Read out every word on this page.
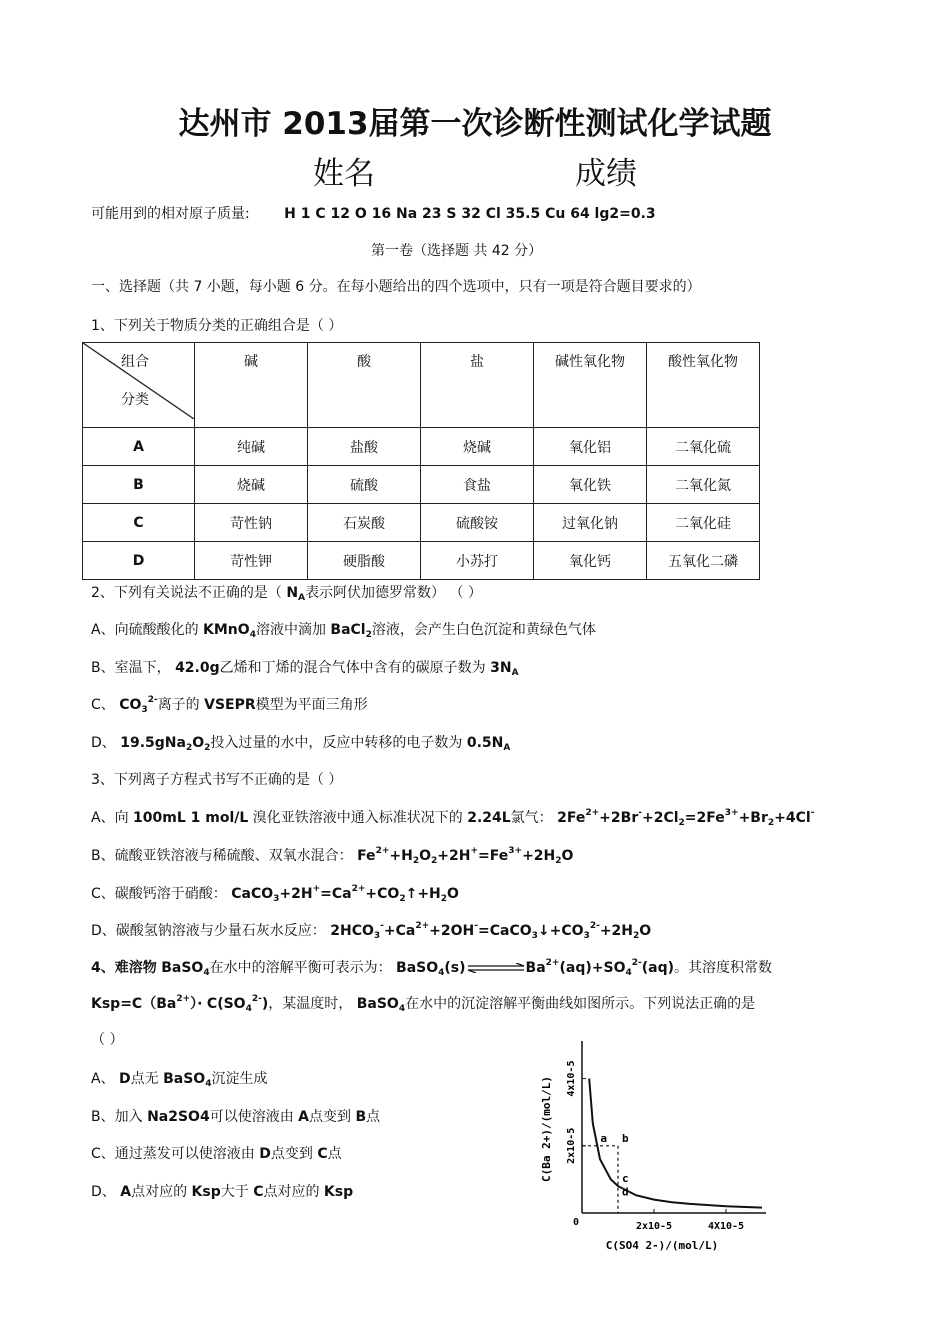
达州市 2013届第一次诊断性测试化学试题
姓名	成绩
可能用到的相对原子质量: H 1 C 12 O 16 Na 23 S 32 Cl 35.5 Cu 64 lg2=0.3
第一卷（选择题 共 42 分）
一、选择题（共 7 小题，每小题 6 分。在每小题给出的四个选项中，只有一项是符合题目要求的）
1、下列关于物质分类的正确组合是（ ）
组合
分类	碱	酸	盐	碱性氧化物	酸性氧化物
A	纯碱	盐酸	烧碱	氧化铝	二氧化硫
B	烧碱	硫酸	食盐	氧化铁	二氧化氮
C	苛性钠	石炭酸	硫酸铵	过氧化钠	二氧化硅
D	苛性钾	硬脂酸	小苏打	氧化钙	五氧化二磷
2、下列有关说法不正确的是（ $N_A$表示阿伏加德罗常数） （ ）
A、向硫酸酸化的 KMnO$_4$溶液中滴加 BaCl$_2$溶液，会产生白色沉淀和黄绿色气体
B、室温下， 42.0g乙烯和丁烯的混合气体中含有的碳原子数为 $3N_A$
C、 $CO_3^{2-}$离子的 VSEPR模型为平面三角形
D、 $19.5gNa_2O_2$投入过量的水中，反应中转移的电子数为 $0.5N_A$
3、下列离子方程式书写不正确的是（ ）
A、向 100mL 1 mol/L 溴化亚铁溶液中通入标准状况下的 2.24L氯气： $2Fe^{2+}+2Br^-+2Cl_2=2Fe^{3+}+Br_2+4Cl^-$
B、硫酸亚铁溶液与稀硫酸、双氧水混合： $Fe^{2+}+H_2O_2+2H^+=Fe^{3+}+2H_2O$
C、碳酸钙溶于硝酸： $CaCO_3+2H^+=Ca^{2+}+CO_2↑+H_2O$
D、碳酸氢钠溶液与少量石灰水反应： $2HCO_3^-+Ca^{2+}+2OH^-=CaCO_3↓+CO_3^{2-}+2H_2O$
4、难溶物 BaSO$_4$在水中的溶解平衡可表示为： BaSO$_4$(s)	$Ba^{2+}(aq)+SO_4^{2-}(aq)$。其溶度积常数
$Ksp=C(Ba^{2+})\cdot C(SO_4^{2-})$，某温度时， BaSO$_4$在水中的沉淀溶解平衡曲线如图所示。下列说法正确的是
（ ）
A、 D点无 BaSO$_4$沉淀生成
B、加入 Na2SO4可以使溶液由 A点变到 B点
C、通过蒸发可以使溶液由 D点变到 C点
D、 A点对应的 Ksp大于 C点对应的 Ksp
0	2x10-5
2x10-5
4X10-5
4x10-5
C(SO4 2-)/(mol/L)
C(Ba 2+)/(mol/L)	a b
c
d
